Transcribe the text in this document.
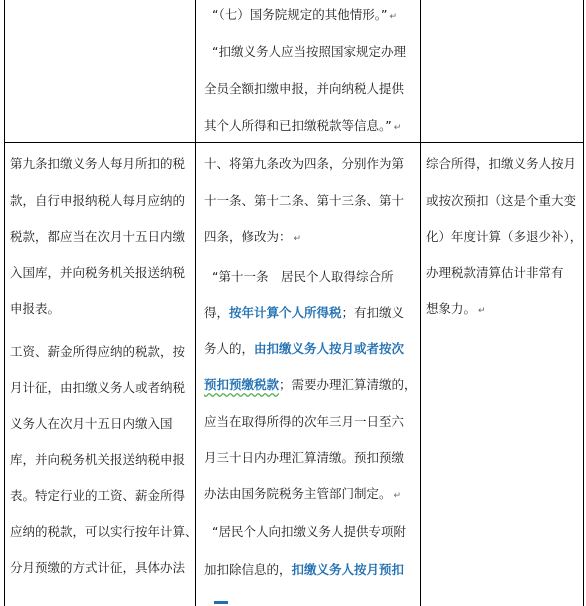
“（七）国务院规定的其他情形。” ↵
“扣缴义务人应当按照国家规定办理
全员全额扣缴申报，并向纳税人提供
其个人所得和已扣缴税款等信息。” ↵
第九条扣缴义务人每月所扣的税
款，自行申报纳税人每月应纳的
税款，都应当在次月十五日内缴
入国库，并向税务机关报送纳税
申报表。
工资、薪金所得应纳的税款，按
月计征，由扣缴义务人或者纳税
义务人在次月十五日内缴入国
库，并向税务机关报送纳税申报
表。特定行业的工资、薪金所得
应纳的税款，可以实行按年计算、
分月预缴的方式计征，具体办法
十、将第九条改为四条，分别作为第
十一条、第十二条、第十三条、第十
四条，修改为： ↵
“第十一条　居民个人取得综合所
得，按年计算个人所得税；有扣缴义
务人的，由扣缴义务人按月或者按次
预扣预缴税款；需要办理汇算清缴的，
应当在取得所得的次年三月一日至六
月三十日内办理汇算清缴。预扣预缴
办法由国务院税务主管部门制定。 ↵
“居民个人向扣缴义务人提供专项附
加扣除信息的，扣缴义务人按月预扣
综合所得，扣缴义务人按月
或按次预扣（这是个重大变
化）年度计算（多退少补），
办理税款清算估计非常有
想象力。 ↵
